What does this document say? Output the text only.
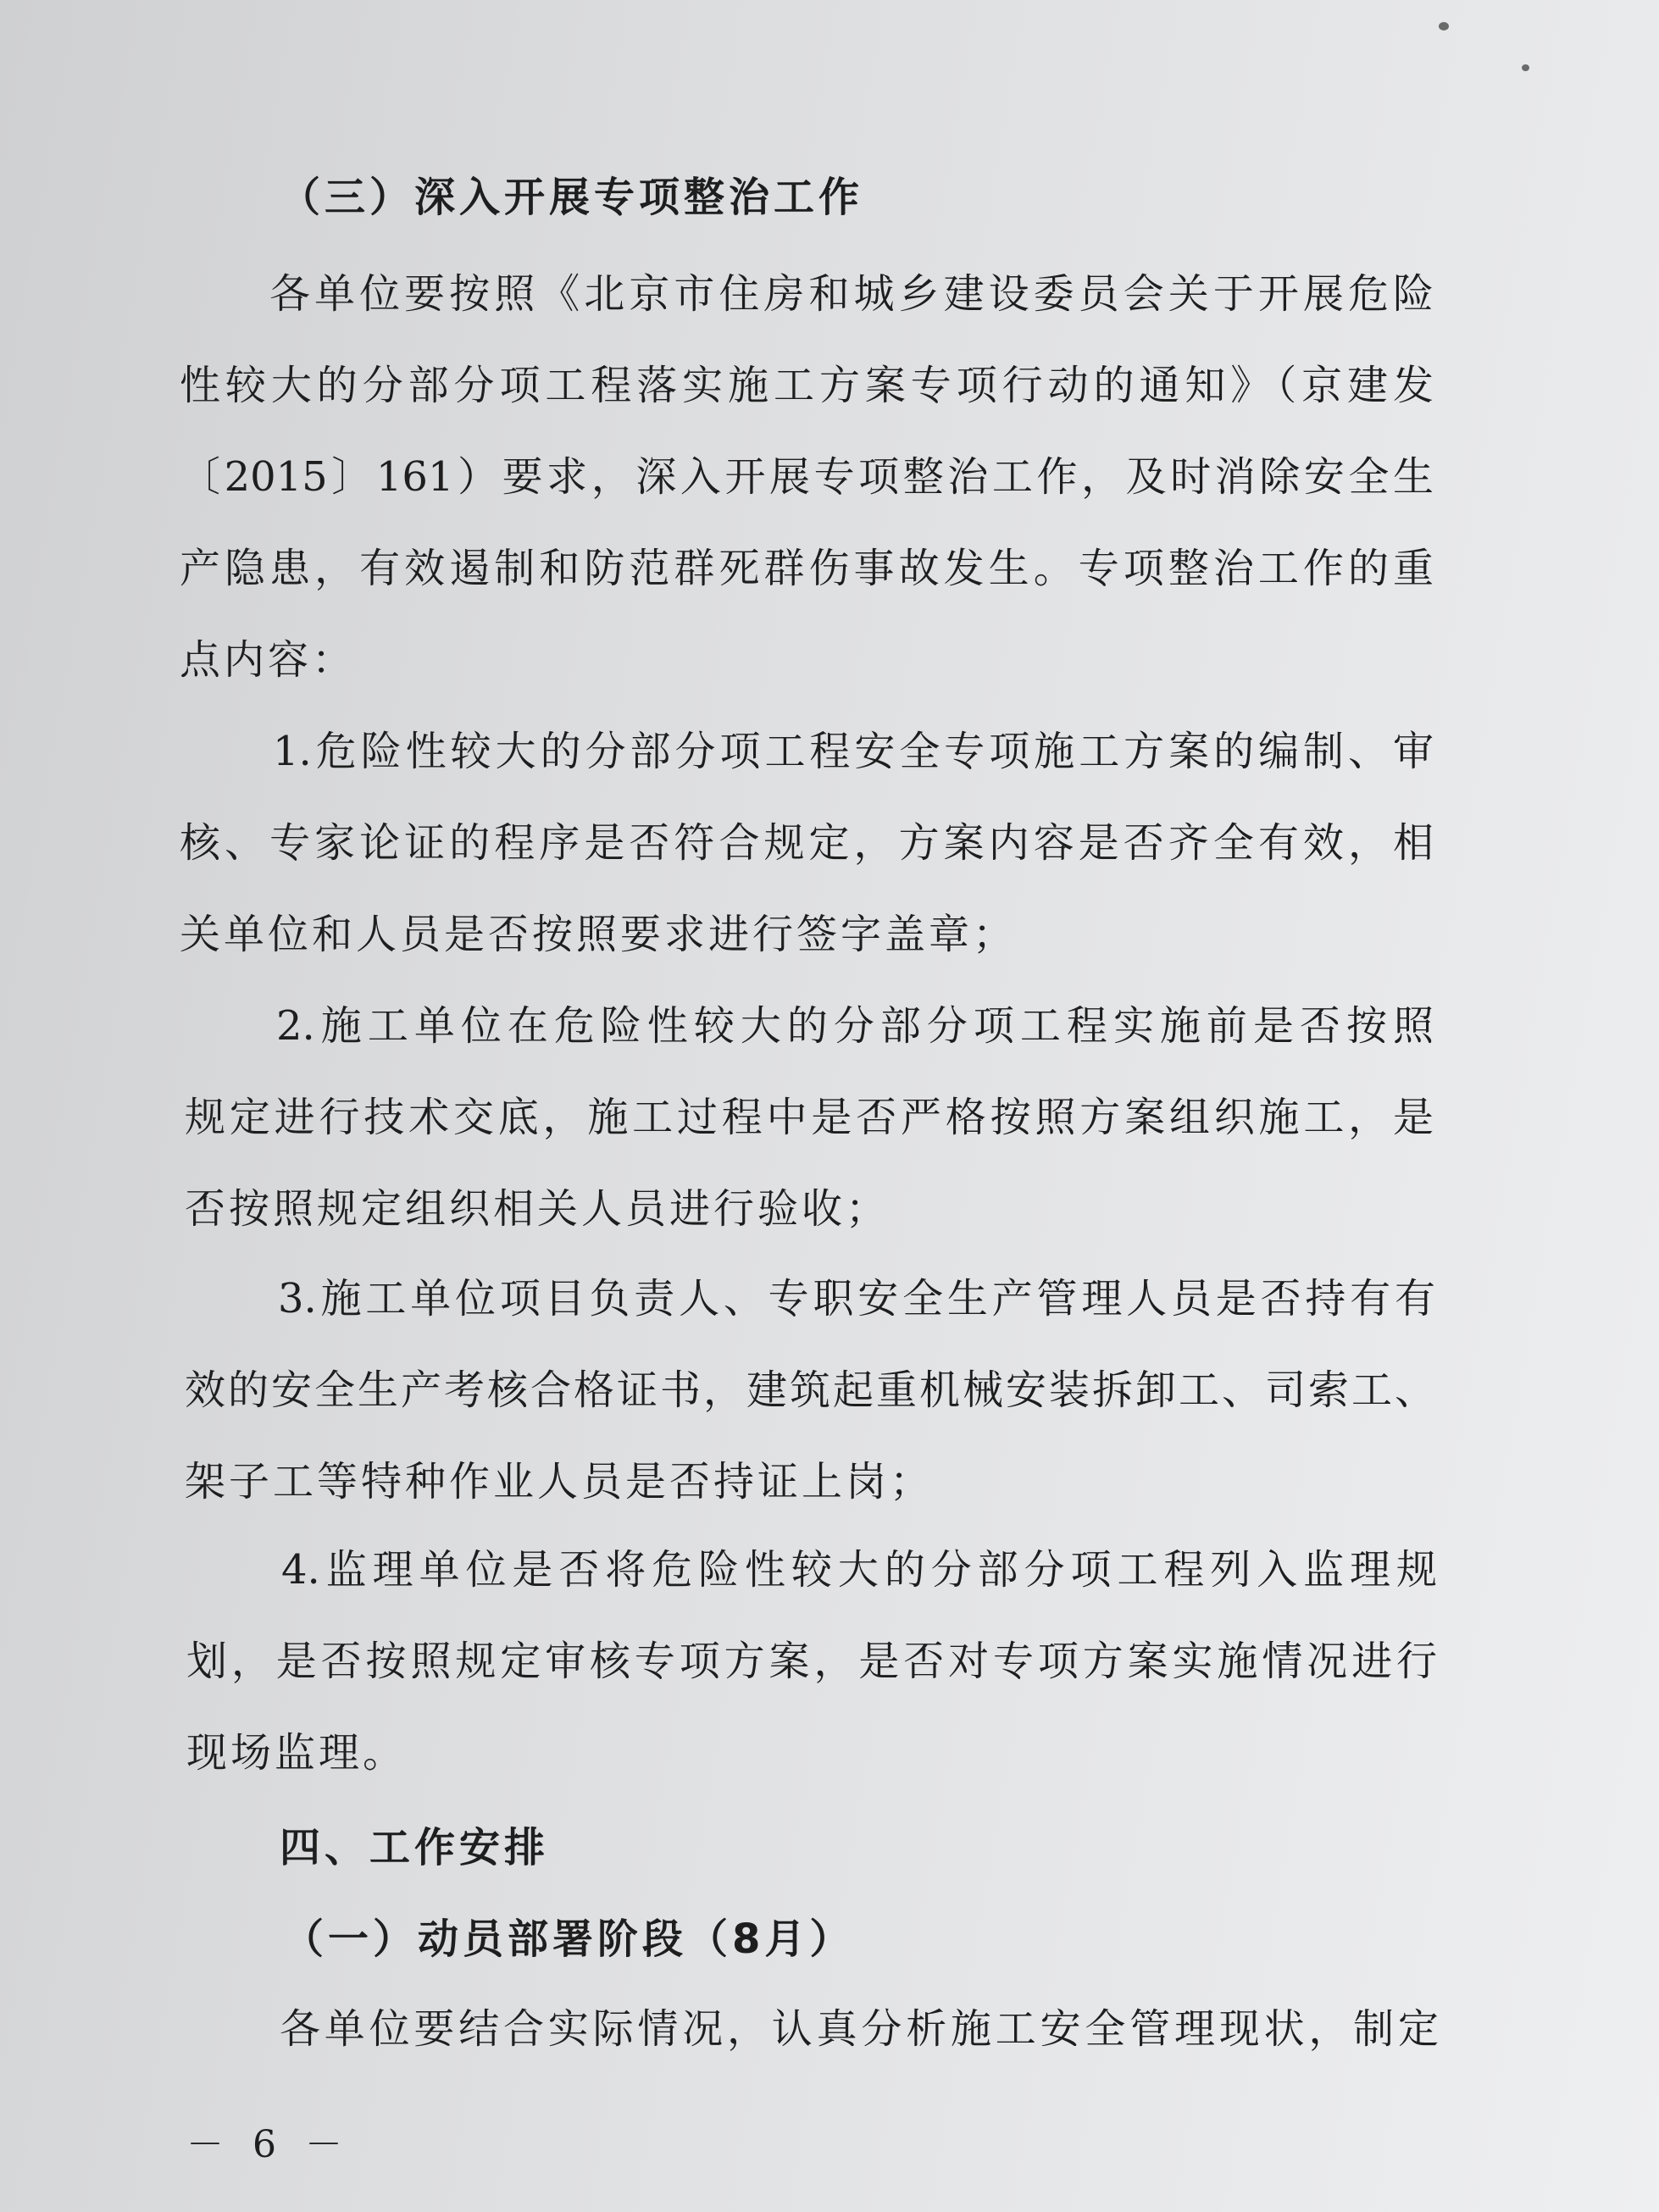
（三）深入开展专项整治工作
各单位要按照《北京市住房和城乡建设委员会关于开展危险
性较大的分部分项工程落实施工方案专项行动的通知》（京建发
〔2015〕161）要求，深入开展专项整治工作，及时消除安全生
产隐患，有效遏制和防范群死群伤事故发生。专项整治工作的重
点内容：
1.危险性较大的分部分项工程安全专项施工方案的编制、审
核、专家论证的程序是否符合规定，方案内容是否齐全有效，相
关单位和人员是否按照要求进行签字盖章；
2.施工单位在危险性较大的分部分项工程实施前是否按照
规定进行技术交底，施工过程中是否严格按照方案组织施工，是
否按照规定组织相关人员进行验收；
3.施工单位项目负责人、专职安全生产管理人员是否持有有
效的安全生产考核合格证书，建筑起重机械安装拆卸工、司索工、
架子工等特种作业人员是否持证上岗；
4.监理单位是否将危险性较大的分部分项工程列入监理规
划，是否按照规定审核专项方案，是否对专项方案实施情况进行
现场监理。
四、工作安排
（一）动员部署阶段（8月）
各单位要结合实际情况，认真分析施工安全管理现状，制定
－ 6 －
